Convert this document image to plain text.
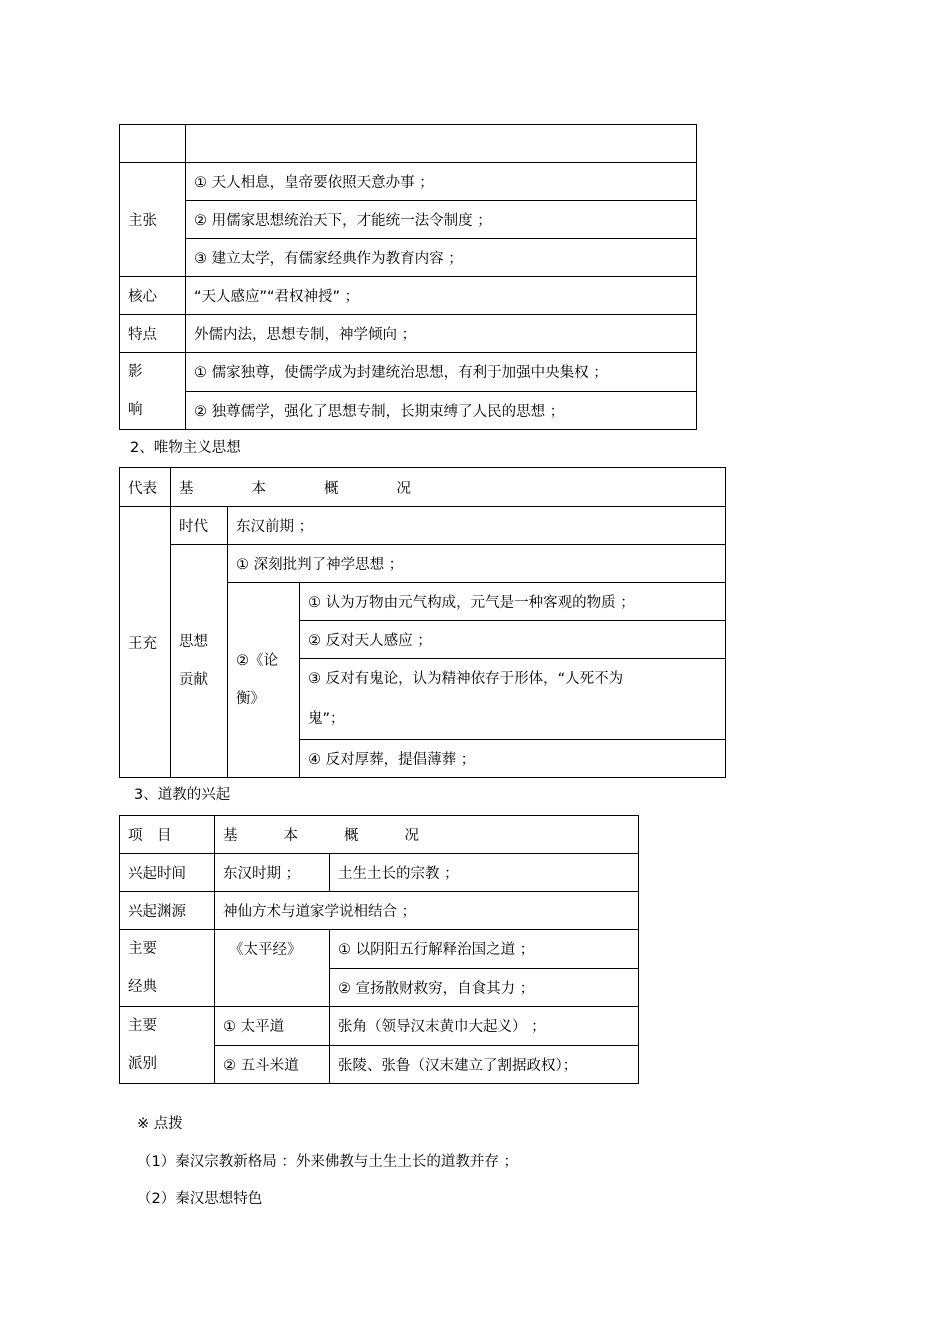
主张	① 天人相息，皇帝要依照天意办事 ；
	② 用儒家思想统治天下，才能统一法令制度 ；
	③ 建立太学，有儒家经典作为教育内容 ；
核心	“天人感应”“君权神授” ；
特点	外儒内法，思想专制，神学倾向 ；

影
响	① 儒家独尊，使儒学成为封建统治思想，有利于加强中央集权 ；
	② 独尊儒学，强化了思想专制，长期束缚了人民的思想 ；
2、唯物主义思想
代表	基 本 概 况		
王充	时代	东汉前期 ；	

	思想
贡献	① 深刻批判了神学思想 ；	

		②《论
衡》	① 认为万物由元气构成，元气是一种客观的物质 ；
			② 反对天人感应 ；

			③ 反对有鬼论，认为精神依存于形体，“人死不为
鬼”；

			④ 反对厚葬，提倡薄葬 ；
3、道教的兴起
项　目	基 本 概 况	
兴起时间	东汉时期 ；	土生土长的宗教 ；
兴起渊源	神仙方术与道家学说相结合 ；	

主要
经典	《太平经》	① 以阴阳五行解释治国之道 ；
		② 宣扬散财救穷，自食其力 ；

主要
派别	① 太平道	张角（领导汉末黄巾大起义） ；
	② 五斗米道	张陵、张鲁（汉末建立了割据政权）；
※ 点拨
（1）秦汉宗教新格局 ：外来佛教与土生土长的道教并存 ；
（2）秦汉思想特色
